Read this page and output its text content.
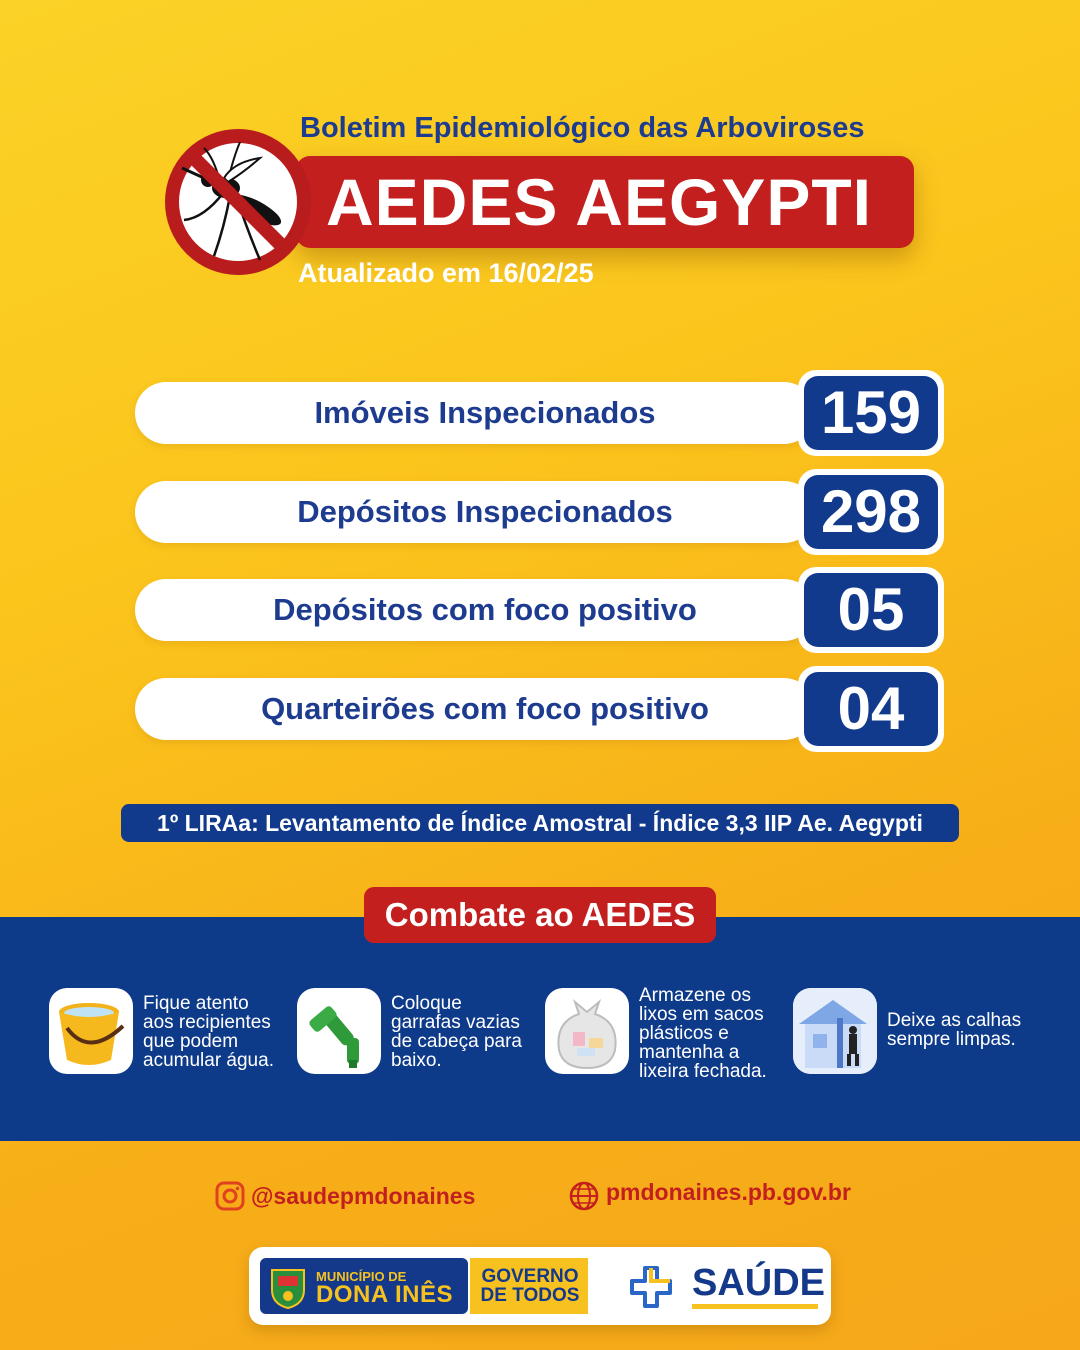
Boletim Epidemiológico das Arboviroses
AEDES AEGYPTI
Atualizado em 16/02/25
Imóveis Inspecionados	159
Depósitos Inspecionados	298
Depósitos com foco positivo	05
Quarteirões com foco positivo	04
1º LIRAa: Levantamento de Índice Amostral - Índice 3,3 IIP Ae. Aegypti
Combate ao AEDES
Fique atento
aos recipientes
que podem
acumular água.
Coloque
garrafas vazias
de cabeça para
baixo.
Armazene os
lixos em sacos
plásticos e
mantenha a
lixeira fechada.
Deixe as calhas
sempre limpas.
@saudepmdonaines	pmdonaines.pb.gov.br
MUNICÍPIO DE
DONA INÊS
GOVERNO
DE TODOS	SAÚDE
